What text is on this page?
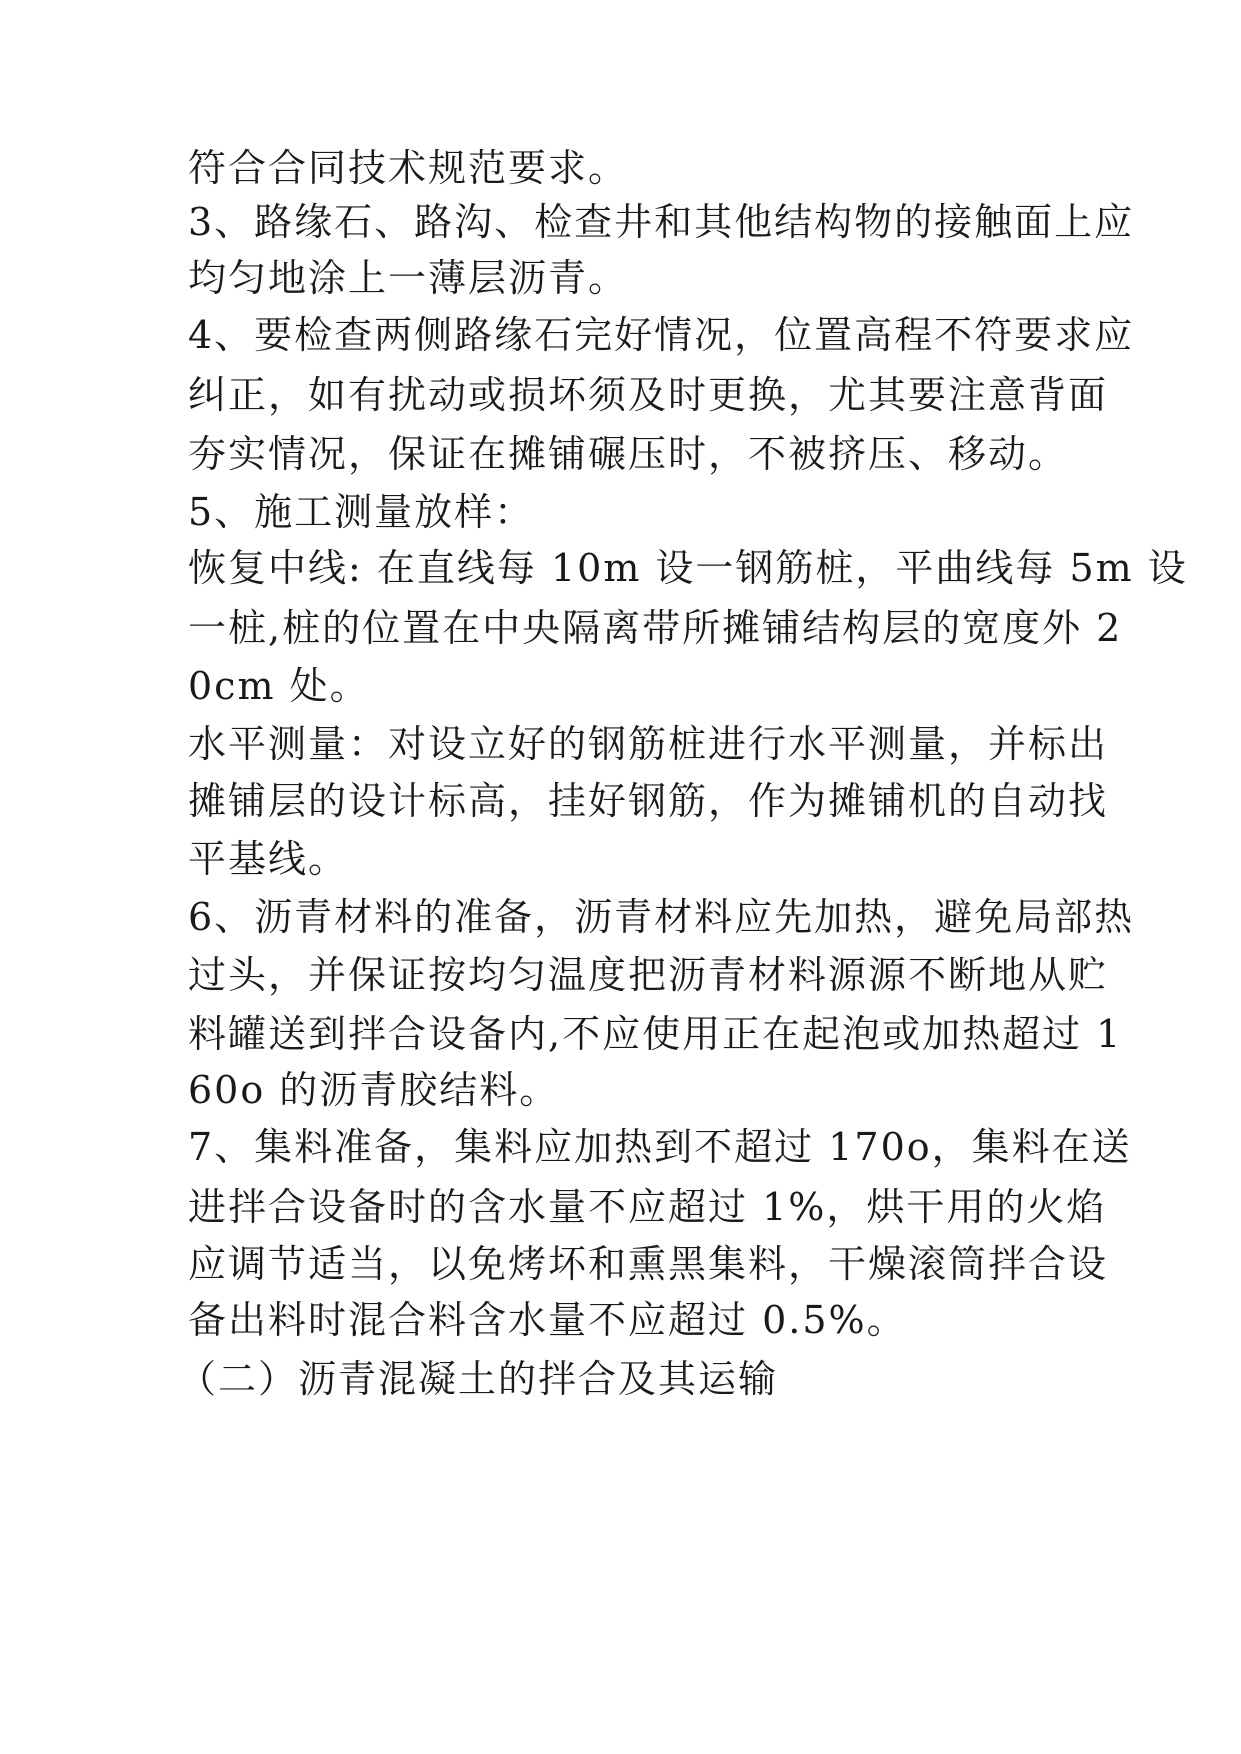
符合合同技术规范要求。
3、路缘石、路沟、检查井和其他结构物的接触面上应
均匀地涂上一薄层沥青。
4、要检查两侧路缘石完好情况，位置高程不符要求应
纠正，如有扰动或损坏须及时更换，尤其要注意背面
夯实情况，保证在摊铺碾压时，不被挤压、移动。
5、施工测量放样：
恢复中线: 在直线每 10m 设一钢筋桩，平曲线每 5m 设
一桩,桩的位置在中央隔离带所摊铺结构层的宽度外 2
0cm 处。
水平测量：对设立好的钢筋桩进行水平测量，并标出
摊铺层的设计标高，挂好钢筋，作为摊铺机的自动找
平基线。
6、沥青材料的准备，沥青材料应先加热，避免局部热
过头，并保证按均匀温度把沥青材料源源不断地从贮
料罐送到拌合设备内,不应使用正在起泡或加热超过 1
60o 的沥青胶结料。
7、集料准备，集料应加热到不超过 170o，集料在送
进拌合设备时的含水量不应超过 1%，烘干用的火焰
应调节适当，以免烤坏和熏黑集料，干燥滚筒拌合设
备出料时混合料含水量不应超过 0.5%。
（二）沥青混凝土的拌合及其运输
